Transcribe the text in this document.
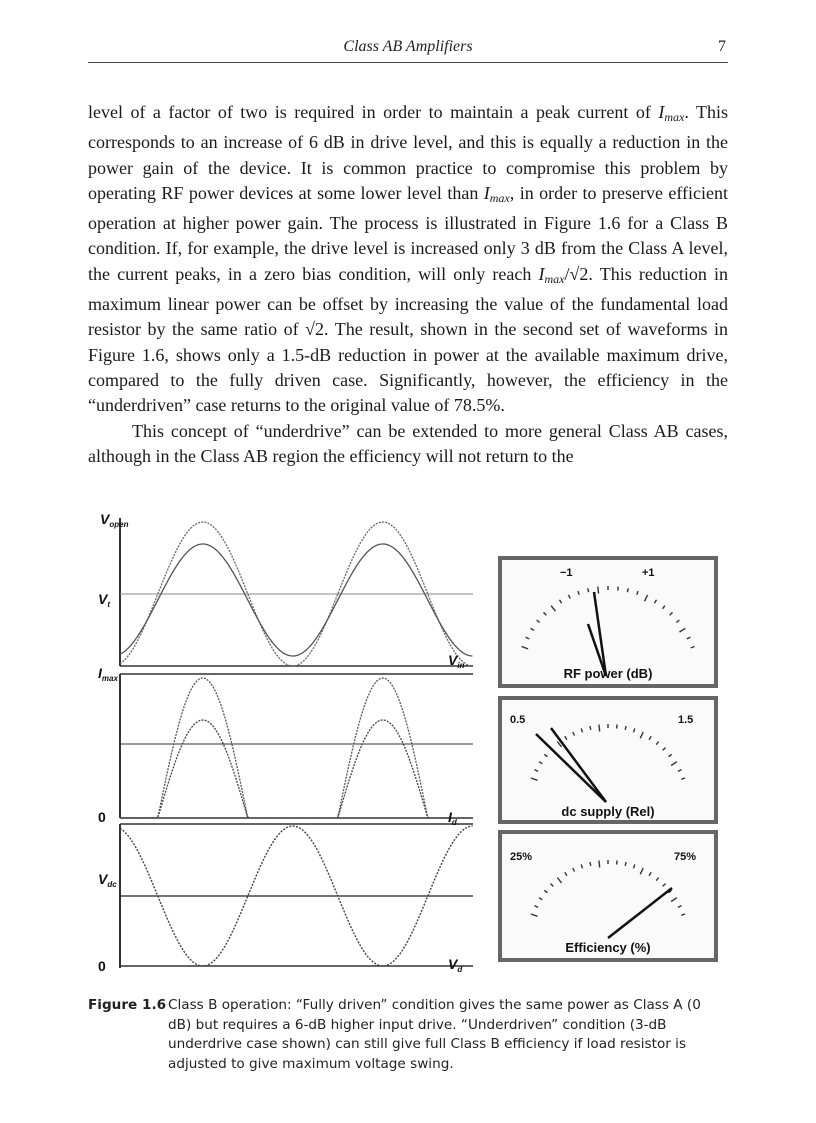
Class AB Amplifiers	7

level of a factor of two is required in order to maintain a peak current of $I_{max}$. This corresponds to an increase of 6 dB in drive level, and this is equally a reduction in the power gain of the device. It is common practice to compromise this problem by operating RF power devices at some lower level than $I_{max}$, in order to preserve efficient operation at higher power gain. The process is illustrated in Figure 1.6 for a Class B condition. If, for example, the drive level is increased only 3 dB from the Class A level, the current peaks, in a zero bias condition, will only reach $I_{max}/√2$. This reduction in maximum linear power can be offset by increasing the value of the fundamental load resistor by the same ratio of √2. The result, shown in the second set of waveforms in Figure 1.6, shows only a 1.5-dB reduction in power at the available maximum drive, compared to the fully driven case. Significantly, however, the efficiency in the “underdriven” case returns to the original value of 78.5%.

This concept of “underdrive” can be extended to more general Class AB cases, although in the Class AB region the efficiency will not return to the

$V_{open}$
$V_t$
$V_{in}$
$I_{max}$
0	$I_d$
$V_{dc}$
0	$V_d$
−1	+1
RF power (dB)
0.5	1.5
dc supply (Rel)
25%	75%
Efficiency (%)
Figure 1.6 Class B operation: “Fully driven” condition gives the same power as Class A (0 dB) but requires a 6-dB higher input drive. “Underdriven” condition (3-dB underdrive case shown) can still give full Class B efficiency if load resistor is adjusted to give maximum voltage swing.
